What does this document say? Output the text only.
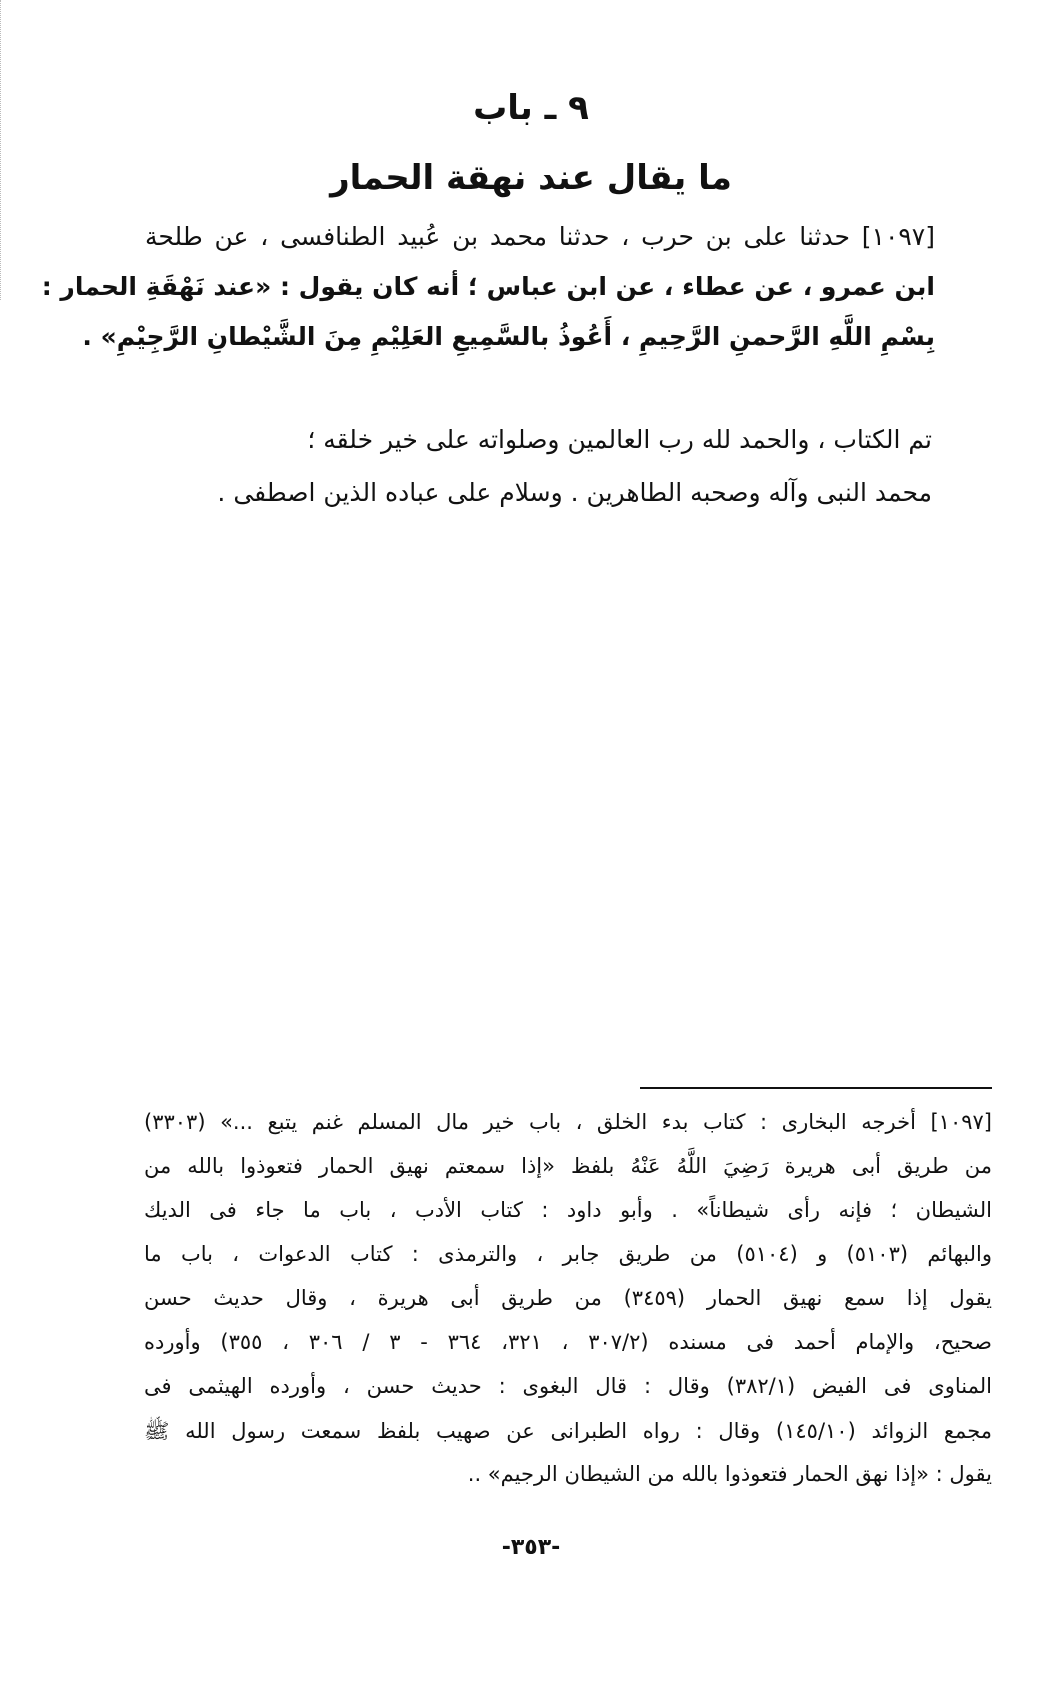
٩ ـ باب
ما يقال عند نهقة الحمار
[١٠٩٧] حدثنا على بن حرب ، حدثنا محمد بن عُبيد الطنافسى ، عن طلحة
ابن عمرو ، عن عطاء ، عن ابن عباس ؛ أنه كان يقول : «عند نَهْقَةِ الحمار :
بِسْمِ اللَّهِ الرَّحمنِ الرَّحِيمِ ، أَعُوذُ بالسَّمِيعِ العَلِيْمِ مِنَ الشَّيْطانِ الرَّجِيْمِ» .
تم الكتاب ، والحمد لله رب العالمين وصلواته على خير خلقه ؛
محمد النبى وآله وصحبه الطاهرين . وسلام على عباده الذين اصطفى .
[١٠٩٧] أخرجه البخارى : كتاب بدء الخلق ، باب خير مال المسلم غنم يتبع ...» (٣٣٠٣)
من طريق أبى هريرة رَضِيَ اللَّهُ عَنْهُ بلفظ «إذا سمعتم نهيق الحمار فتعوذوا بالله من
الشيطان ؛ فإنه رأى شيطاناً» . وأبو داود : كتاب الأدب ، باب ما جاء فى الديك
والبهائم (٥١٠٣) و (٥١٠٤) من طريق جابر ، والترمذى : كتاب الدعوات ، باب ما
يقول إذا سمع نهيق الحمار (٣٤٥٩) من طريق أبى هريرة ، وقال حديث حسن
صحيح، والإمام أحمد فى مسنده (٣٠٧/٢ ، ٣٢١، ٣٦٤ - ٣ / ٣٠٦ ، ٣٥٥) وأورده
المناوى فى الفيض (٣٨٢/١) وقال : قال البغوى : حديث حسن ، وأورده الهيثمى فى
مجمع الزوائد (١٤٥/١٠) وقال : رواه الطبرانى عن صهيب بلفظ سمعت رسول الله ﷺ
يقول : «إذا نهق الحمار فتعوذوا بالله من الشيطان الرجيم» ..
-٣٥٣-
